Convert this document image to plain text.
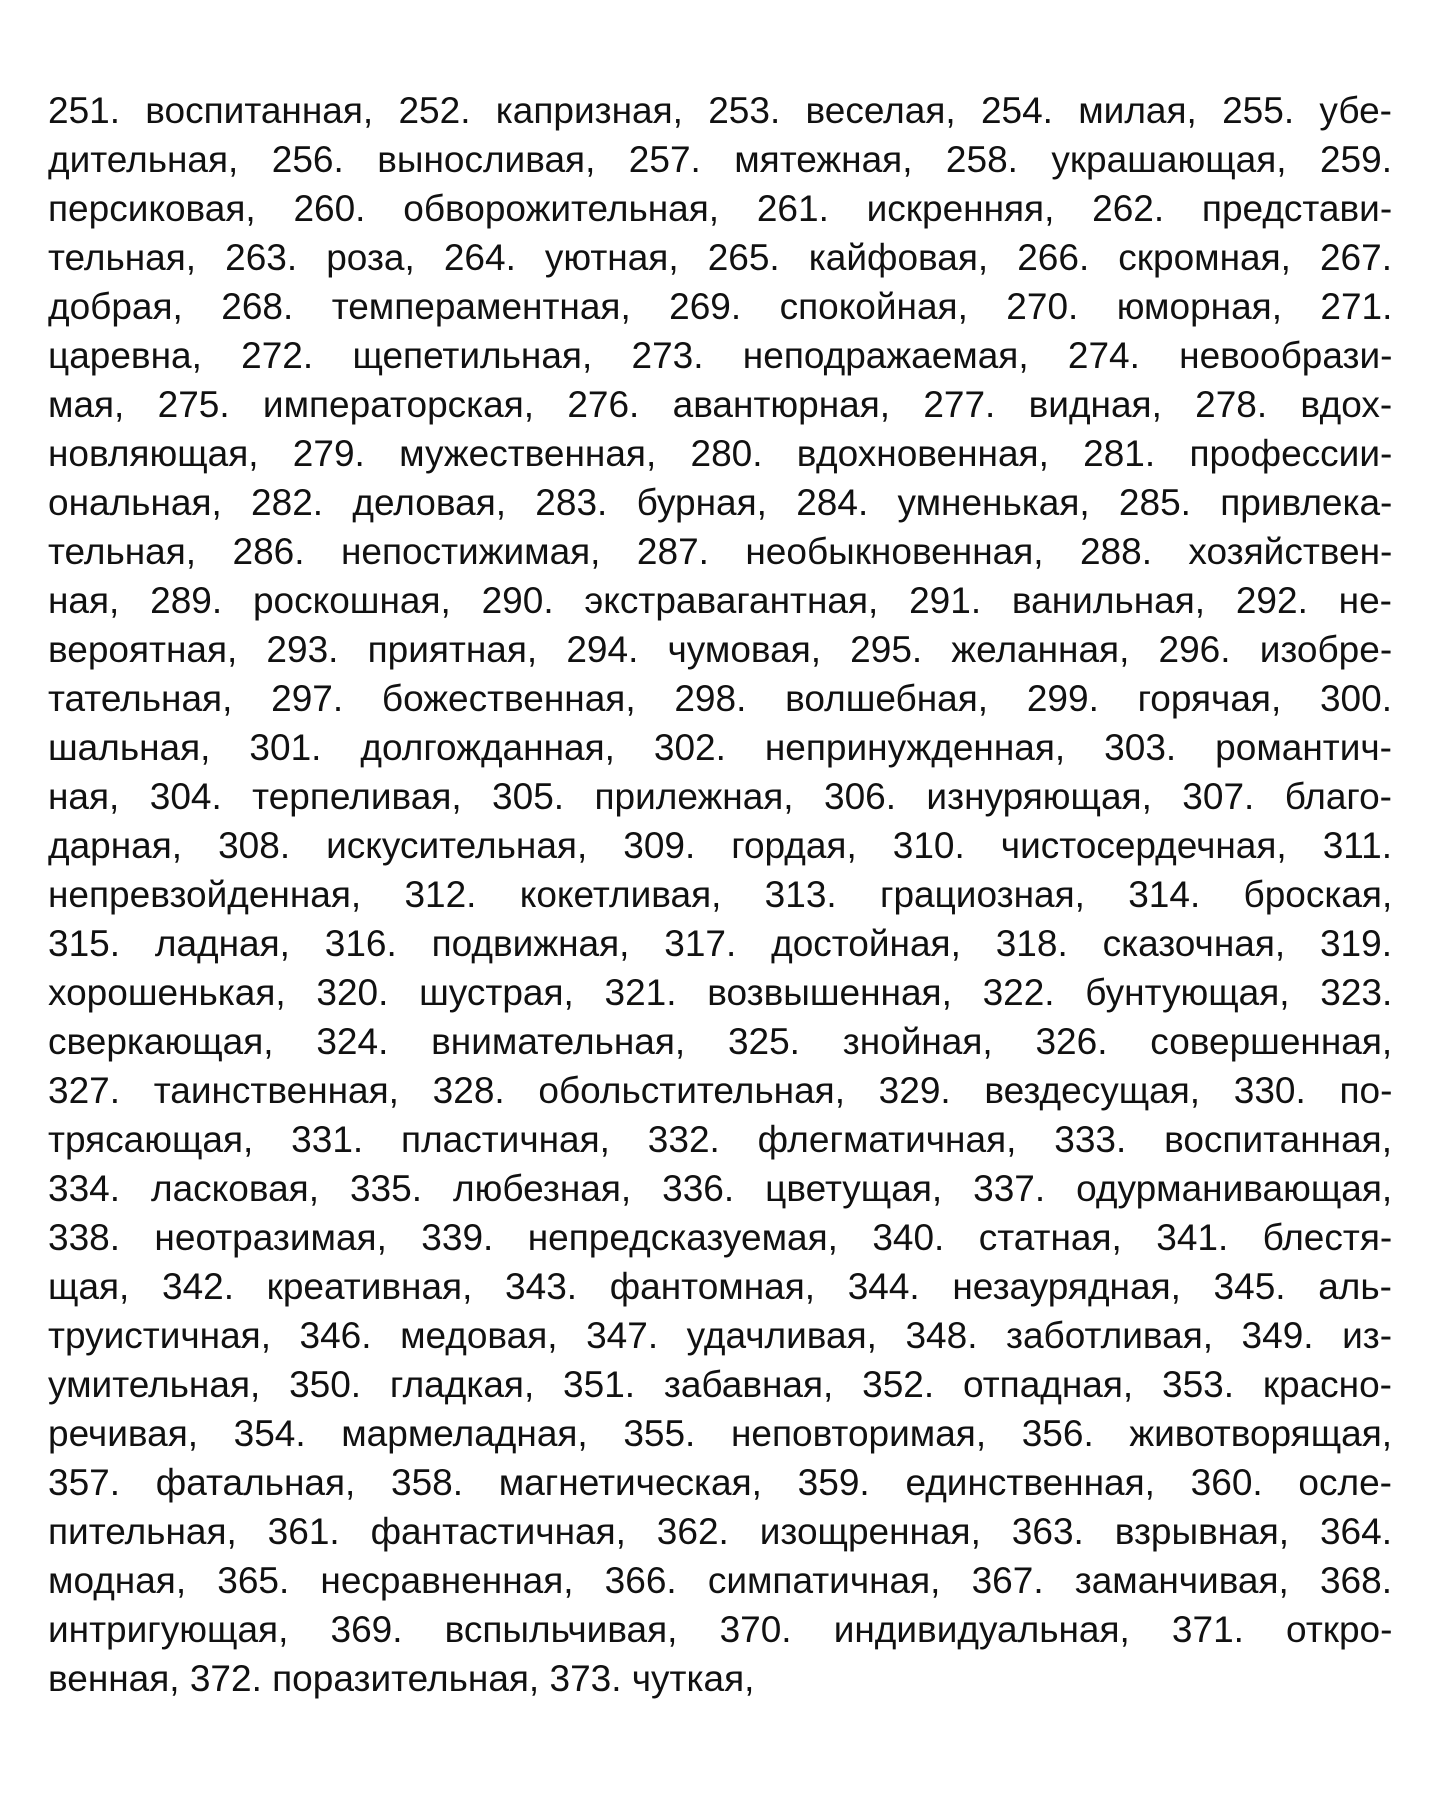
251. воспитанная, 252. капризная, 253. веселая, 254. милая, 255. убе-
дительная, 256. выносливая, 257. мятежная, 258. украшающая, 259.
персиковая, 260. обворожительная, 261. искренняя, 262. представи-
тельная, 263. роза, 264. уютная, 265. кайфовая, 266. скромная, 267.
добрая, 268. темпераментная, 269. спокойная, 270. юморная, 271.
царевна, 272. щепетильная, 273. неподражаемая, 274. невообрази-
мая, 275. императорская, 276. авантюрная, 277. видная, 278. вдох-
новляющая, 279. мужественная, 280. вдохновенная, 281. профессии-
ональная, 282. деловая, 283. бурная, 284. умненькая, 285. привлека-
тельная, 286. непостижимая, 287. необыкновенная, 288. хозяйствен-
ная, 289. роскошная, 290. экстравагантная, 291. ванильная, 292. не-
вероятная, 293. приятная, 294. чумовая, 295. желанная, 296. изобре-
тательная, 297. божественная, 298. волшебная, 299. горячая, 300.
шальная, 301. долгожданная, 302. непринужденная, 303. романтич-
ная, 304. терпеливая, 305. прилежная, 306. изнуряющая, 307. благо-
дарная, 308. искусительная, 309. гордая, 310. чистосердечная, 311.
непревзойденная, 312. кокетливая, 313. грациозная, 314. броская,
315. ладная, 316. подвижная, 317. достойная, 318. сказочная, 319.
хорошенькая, 320. шустрая, 321. возвышенная, 322. бунтующая, 323.
сверкающая, 324. внимательная, 325. знойная, 326. совершенная,
327. таинственная, 328. обольстительная, 329. вездесущая, 330. по-
трясающая, 331. пластичная, 332. флегматичная, 333. воспитанная,
334. ласковая, 335. любезная, 336. цветущая, 337. одурманивающая,
338. неотразимая, 339. непредсказуемая, 340. статная, 341. блестя-
щая, 342. креативная, 343. фантомная, 344. незаурядная, 345. аль-
труистичная, 346. медовая, 347. удачливая, 348. заботливая, 349. из-
умительная, 350. гладкая, 351. забавная, 352. отпадная, 353. красно-
речивая, 354. мармеладная, 355. неповторимая, 356. животворящая,
357. фатальная, 358. магнетическая, 359. единственная, 360. осле-
пительная, 361. фантастичная, 362. изощренная, 363. взрывная, 364.
модная, 365. несравненная, 366. симпатичная, 367. заманчивая, 368.
интригующая, 369. вспыльчивая, 370. индивидуальная, 371. откро-
венная, 372. поразительная, 373. чуткая,
